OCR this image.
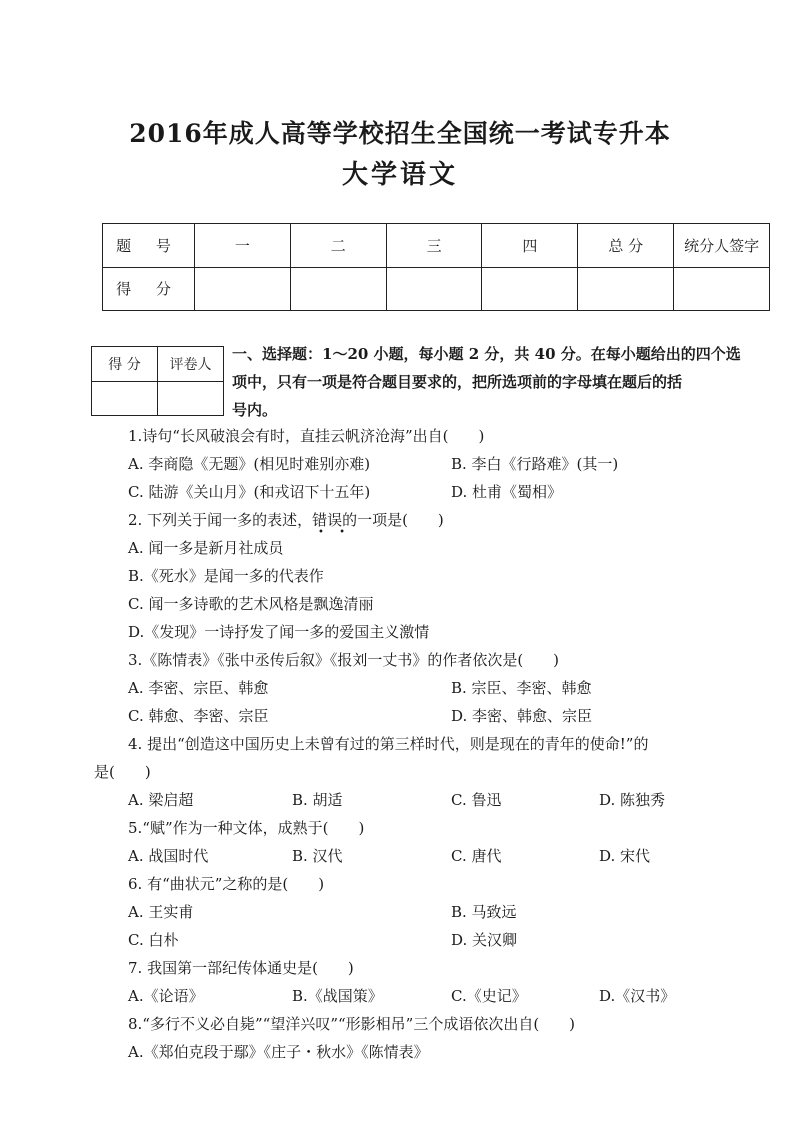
2016年成人高等学校招生全国统一考试专升本
大学语文
题 号	一	二	三	四	总 分	统分人签字
得 分						
得 分	评卷人

一、选择题：1～20 小题，每小题 2 分，共 40 分。在每小题给出的四个选
项中，只有一项是符合题目要求的，把所选项前的字母填在题后的括
号内。
1.诗句“长风破浪会有时，直挂云帆济沧海”出自(　　)
A. 李商隐《无题》(相见时难别亦难)	B. 李白《行路难》(其一)
C. 陆游《关山月》(和戎诏下十五年)	D. 杜甫《蜀相》
2. 下列关于闻一多的表述，错误的一项是(　　)
• •
A. 闻一多是新月社成员
B.《死水》是闻一多的代表作
C. 闻一多诗歌的艺术风格是飘逸清丽
D.《发现》一诗抒发了闻一多的爱国主义激情
3.《陈情表》《张中丞传后叙》《报刘一丈书》的作者依次是(　　)
A. 李密、宗臣、韩愈	B. 宗臣、李密、韩愈
C. 韩愈、李密、宗臣	D. 李密、韩愈、宗臣
4. 提出“创造这中国历史上未曾有过的第三样时代，则是现在的青年的使命!”的
是(　　)
A. 梁启超	B. 胡适	C. 鲁迅	D. 陈独秀
5.“赋”作为一种文体，成熟于(　　)
A. 战国时代	B. 汉代	C. 唐代	D. 宋代
6. 有“曲状元”之称的是(　　)
A. 王实甫	B. 马致远
C. 白朴	D. 关汉卿
7. 我国第一部纪传体通史是(　　)
A.《论语》	B.《战国策》	C.《史记》	D.《汉书》
8.“多行不义必自毙”“望洋兴叹”“形影相吊”三个成语依次出自(　　)
A.《郑伯克段于鄢》《庄子・秋水》《陈情表》
